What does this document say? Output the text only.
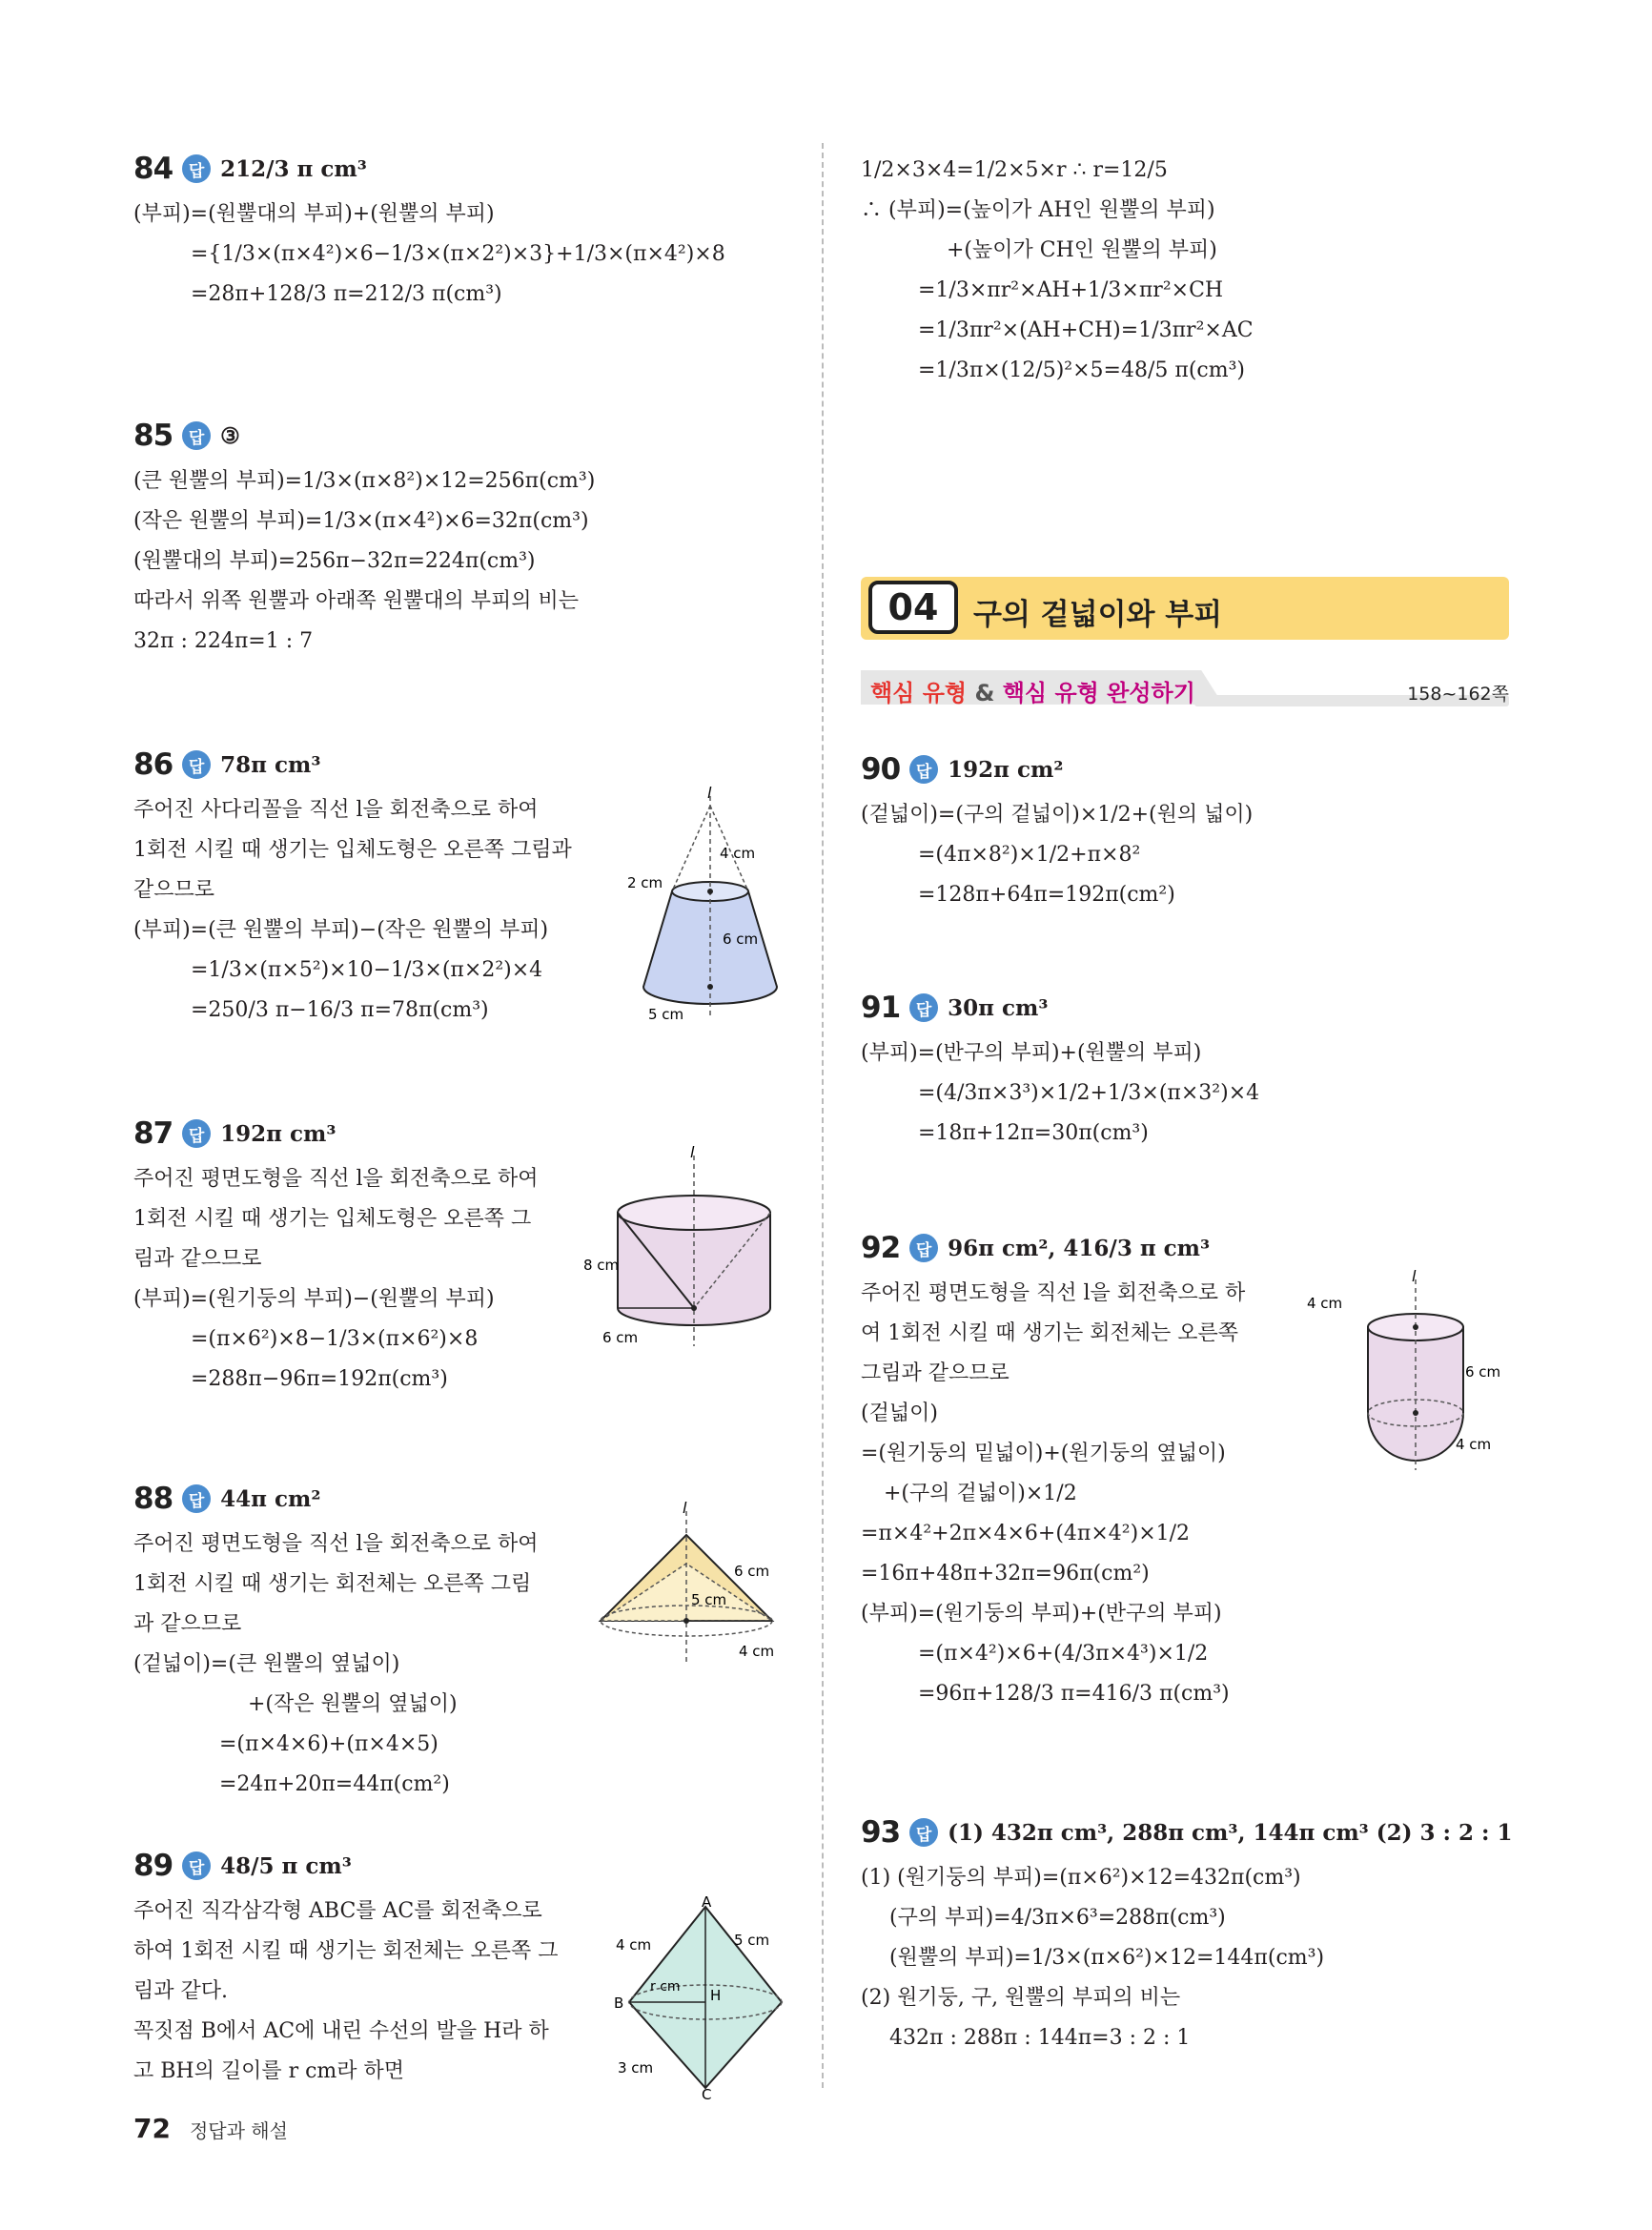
84 답 212/3 π cm³
(부피)=(원뿔대의 부피)+(원뿔의 부피)
={1/3×(π×4²)×6−1/3×(π×2²)×3}+1/3×(π×4²)×8
=28π+128/3 π=212/3 π(cm³)
85 답 ③
(큰 원뿔의 부피)=1/3×(π×8²)×12=256π(cm³)
(작은 원뿔의 부피)=1/3×(π×4²)×6=32π(cm³)
(원뿔대의 부피)=256π−32π=224π(cm³)
따라서 위쪽 원뿔과 아래쪽 원뿔대의 부피의 비는
32π : 224π=1 : 7
86 답 78π cm³
주어진 사다리꼴을 직선 l을 회전축으로 하여
1회전 시킬 때 생기는 입체도형은 오른쪽 그림과
같으므로
(부피)=(큰 원뿔의 부피)−(작은 원뿔의 부피)
=1/3×(π×5²)×10−1/3×(π×2²)×4
=250/3 π−16/3 π=78π(cm³)
l
4 cm
2 cm
6 cm
5 cm
87 답 192π cm³
주어진 평면도형을 직선 l을 회전축으로 하여
1회전 시킬 때 생기는 입체도형은 오른쪽 그
림과 같으므로
(부피)=(원기둥의 부피)−(원뿔의 부피)
=(π×6²)×8−1/3×(π×6²)×8
=288π−96π=192π(cm³)
l
8 cm
6 cm
88 답 44π cm²
주어진 평면도형을 직선 l을 회전축으로 하여
1회전 시킬 때 생기는 회전체는 오른쪽 그림
과 같으므로
(겉넓이)=(큰 원뿔의 옆넓이)
+(작은 원뿔의 옆넓이)
=(π×4×6)+(π×4×5)
=24π+20π=44π(cm²)
l
6 cm
5 cm
4 cm
89 답 48/5 π cm³
주어진 직각삼각형 ABC를 AC를 회전축으로
하여 1회전 시킬 때 생기는 회전체는 오른쪽 그
림과 같다.
꼭짓점 B에서 AC에 내린 수선의 발을 H라 하
고 BH의 길이를 r cm라 하면
A
B
C
H
4 cm	5 cm
3 cm
r cm
1/2×3×4=1/2×5×r ∴ r=12/5
∴ (부피)=(높이가 AH인 원뿔의 부피)
+(높이가 CH인 원뿔의 부피)
=1/3×πr²×AH+1/3×πr²×CH
=1/3πr²×(AH+CH)=1/3πr²×AC
=1/3π×(12/5)²×5=48/5 π(cm³)
04	구의 겉넓이와 부피
핵심 유형 & 핵심 유형 완성하기	158~162쪽
90 답 192π cm²
(겉넓이)=(구의 겉넓이)×1/2+(원의 넓이)
=(4π×8²)×1/2+π×8²
=128π+64π=192π(cm²)
91 답 30π cm³
(부피)=(반구의 부피)+(원뿔의 부피)
=(4/3π×3³)×1/2+1/3×(π×3²)×4
=18π+12π=30π(cm³)
92 답 96π cm², 416/3 π cm³
주어진 평면도형을 직선 l을 회전축으로 하
여 1회전 시킬 때 생기는 회전체는 오른쪽
그림과 같으므로
(겉넓이)
=(원기둥의 밑넓이)+(원기둥의 옆넓이)
+(구의 겉넓이)×1/2
=π×4²+2π×4×6+(4π×4²)×1/2
=16π+48π+32π=96π(cm²)
(부피)=(원기둥의 부피)+(반구의 부피)
=(π×4²)×6+(4/3π×4³)×1/2
=96π+128/3 π=416/3 π(cm³)
l
4 cm
6 cm
4 cm
93 답 (1) 432π cm³, 288π cm³, 144π cm³ (2) 3 : 2 : 1
(1) (원기둥의 부피)=(π×6²)×12=432π(cm³)
(구의 부피)=4/3π×6³=288π(cm³)
(원뿔의 부피)=1/3×(π×6²)×12=144π(cm³)
(2) 원기둥, 구, 원뿔의 부피의 비는
432π : 288π : 144π=3 : 2 : 1
72 정답과 해설
